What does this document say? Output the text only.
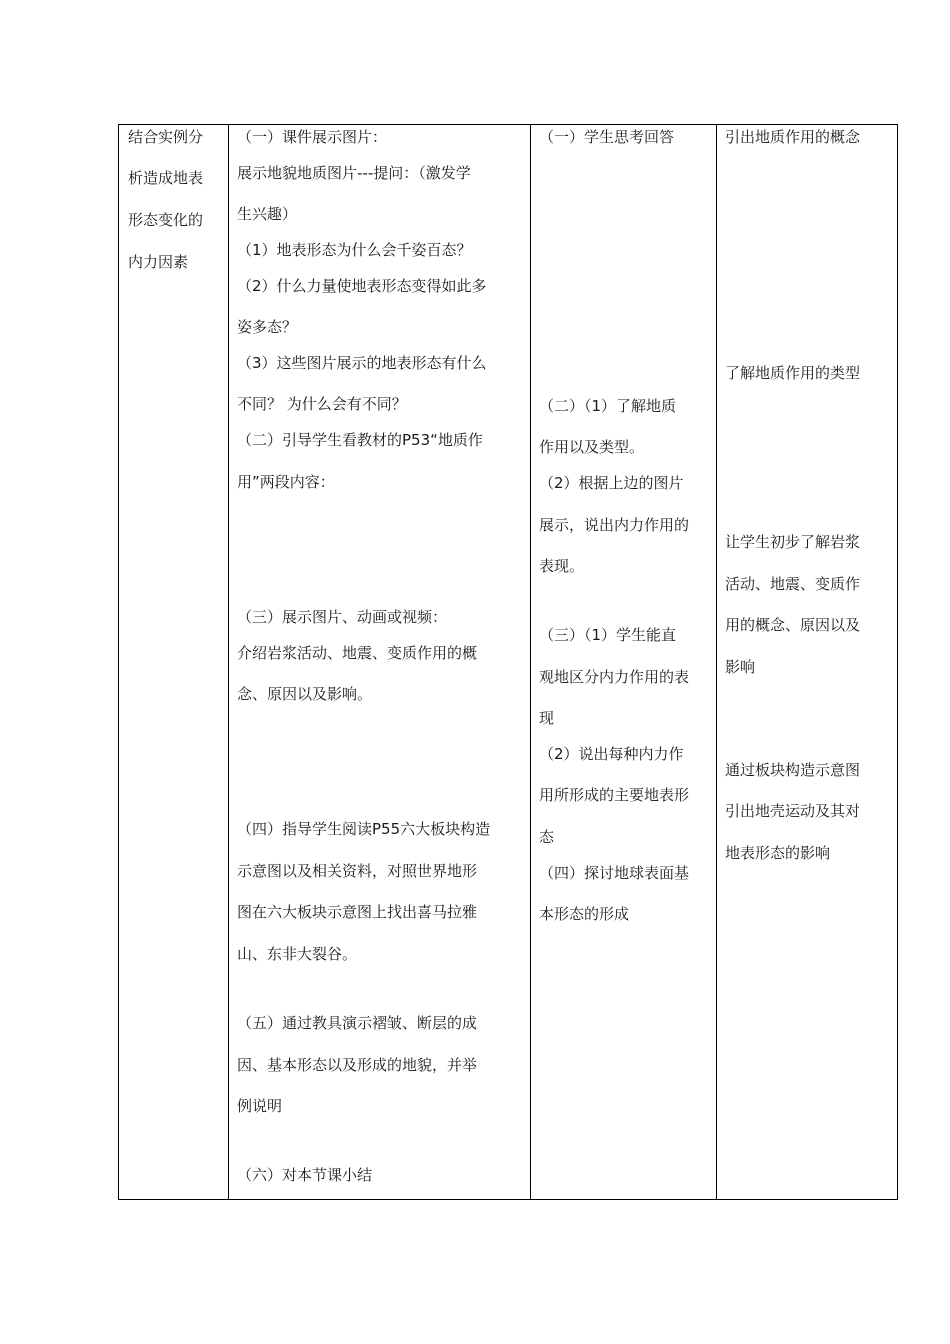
结合实例分
析造成地表
形态变化的
内力因素
（一）课件展示图片：
展示地貌地质图片---提问：（激发学
生兴趣）
（1）地表形态为什么会千姿百态？
（2）什么力量使地表形态变得如此多
姿多态？
（3）这些图片展示的地表形态有什么
不同？ 为什么会有不同？
（二）引导学生看教材的P53“地质作
用”两段内容：
（三）展示图片、动画或视频：
介绍岩浆活动、地震、变质作用的概
念、原因以及影响。
（四）指导学生阅读P55六大板块构造
示意图以及相关资料，对照世界地形
图在六大板块示意图上找出喜马拉雅
山、东非大裂谷。
（五）通过教具演示褶皱、断层的成
因、基本形态以及形成的地貌，并举
例说明
（六）对本节课小结
（一）学生思考回答
（二）（1）了解地质
作用以及类型。
（2）根据上边的图片
展示，说出内力作用的
表现。
（三）（1）学生能直
观地区分内力作用的表
现
（2）说出每种内力作
用所形成的主要地表形
态
（四）探讨地球表面基
本形态的形成
引出地质作用的概念
了解地质作用的类型
让学生初步了解岩浆
活动、地震、变质作
用的概念、原因以及
影响
通过板块构造示意图
引出地壳运动及其对
地表形态的影响
